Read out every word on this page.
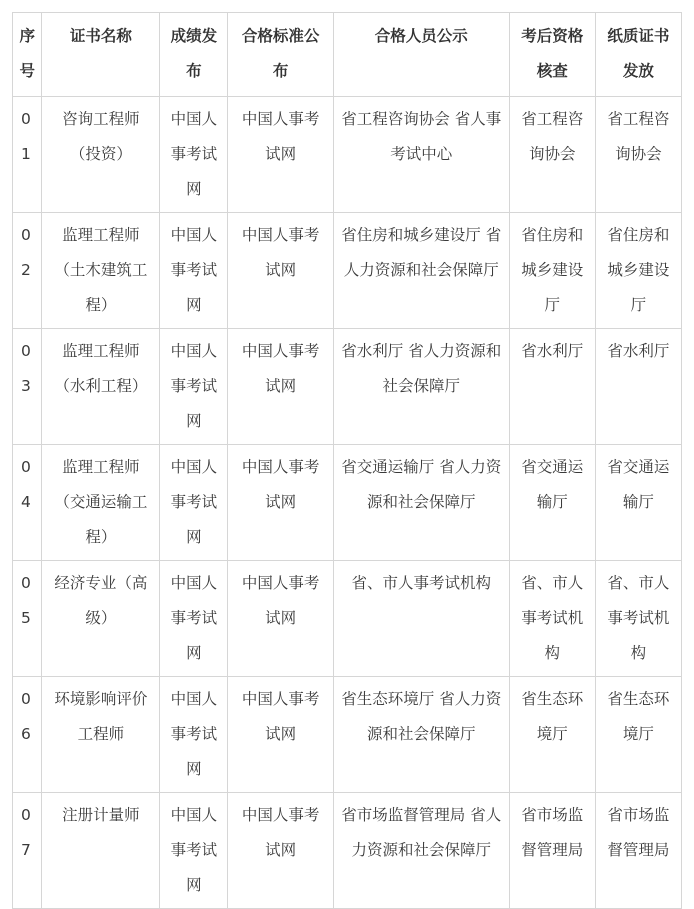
序号	证书名称	成绩发布	合格标准公布	合格人员公示	考后资格核查	纸质证书发放
01	咨询工程师（投资）	中国人事考试网	中国人事考试网	省工程咨询协会 省人事考试中心	省工程咨询协会	省工程咨询协会
02	监理工程师（土木建筑工程）	中国人事考试网	中国人事考试网	省住房和城乡建设厅 省人力资源和社会保障厅	省住房和城乡建设厅	省住房和城乡建设厅
03	监理工程师（水利工程）	中国人事考试网	中国人事考试网	省水利厅 省人力资源和社会保障厅	省水利厅	省水利厅
04	监理工程师（交通运输工程）	中国人事考试网	中国人事考试网	省交通运输厅 省人力资源和社会保障厅	省交通运输厅	省交通运输厅
05	经济专业（高级）	中国人事考试网	中国人事考试网	省、市人事考试机构	省、市人事考试机构	省、市人事考试机构
06	环境影响评价工程师	中国人事考试网	中国人事考试网	省生态环境厅 省人力资源和社会保障厅	省生态环境厅	省生态环境厅
07	注册计量师	中国人事考试网	中国人事考试网	省市场监督管理局 省人力资源和社会保障厅	省市场监督管理局	省市场监督管理局
